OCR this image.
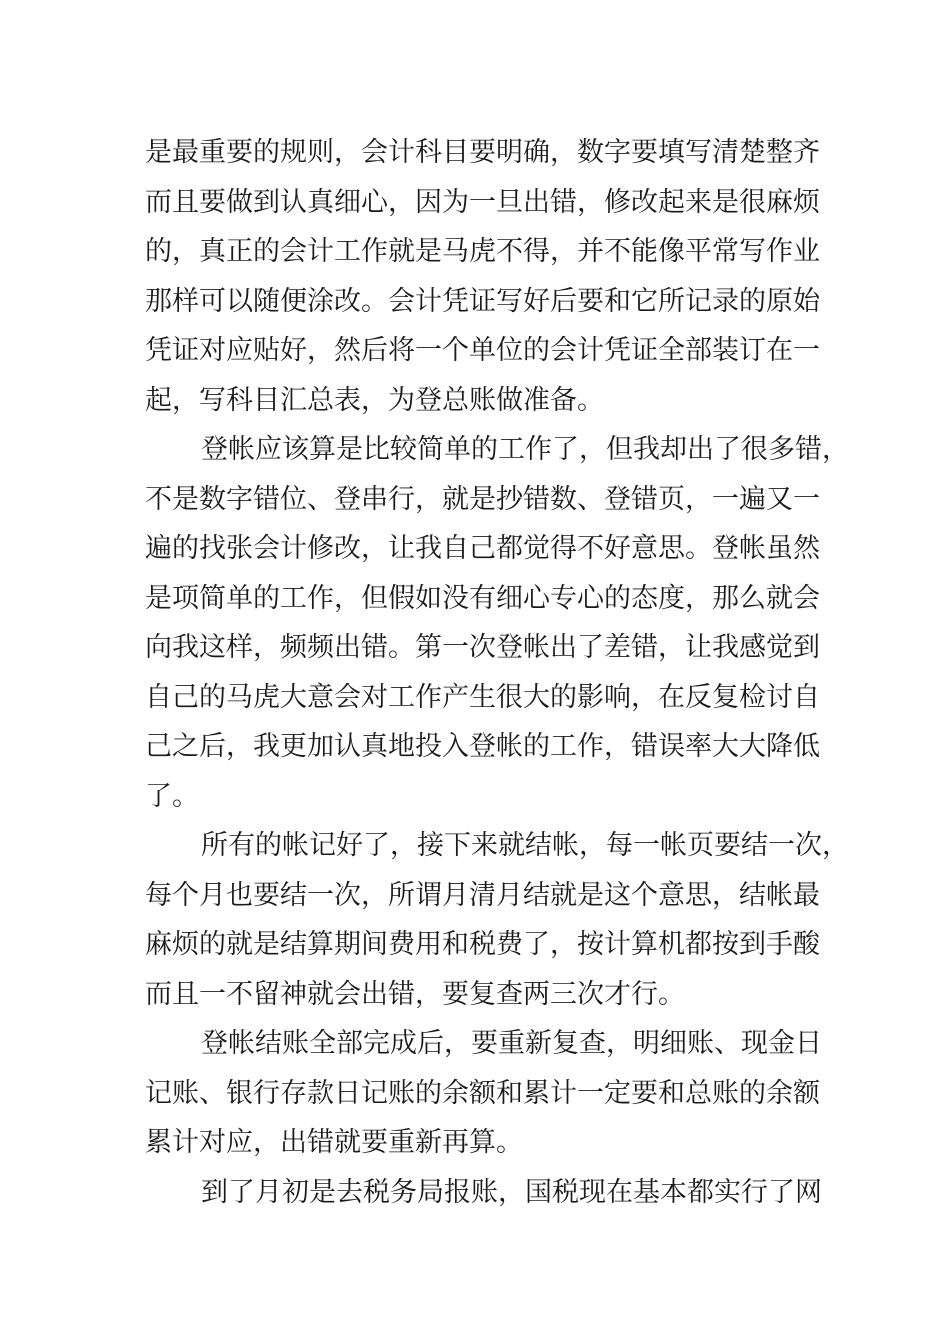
是最重要的规则，会计科目要明确，数字要填写清楚整齐
而且要做到认真细心，因为一旦出错，修改起来是很麻烦
的，真正的会计工作就是马虎不得，并不能像平常写作业
那样可以随便涂改。会计凭证写好后要和它所记录的原始
凭证对应贴好，然后将一个单位的会计凭证全部装订在一
起，写科目汇总表，为登总账做准备。
登帐应该算是比较简单的工作了，但我却出了很多错，
不是数字错位、登串行，就是抄错数、登错页，一遍又一
遍的找张会计修改，让我自己都觉得不好意思。登帐虽然
是项简单的工作，但假如没有细心专心的态度，那么就会
向我这样，频频出错。第一次登帐出了差错，让我感觉到
自己的马虎大意会对工作产生很大的影响，在反复检讨自
己之后，我更加认真地投入登帐的工作，错误率大大降低
了。
所有的帐记好了，接下来就结帐，每一帐页要结一次，
每个月也要结一次，所谓月清月结就是这个意思，结帐最
麻烦的就是结算期间费用和税费了，按计算机都按到手酸
而且一不留神就会出错，要复查两三次才行。
登帐结账全部完成后，要重新复查，明细账、现金日
记账、银行存款日记账的余额和累计一定要和总账的余额
累计对应，出错就要重新再算。
到了月初是去税务局报账，国税现在基本都实行了网
